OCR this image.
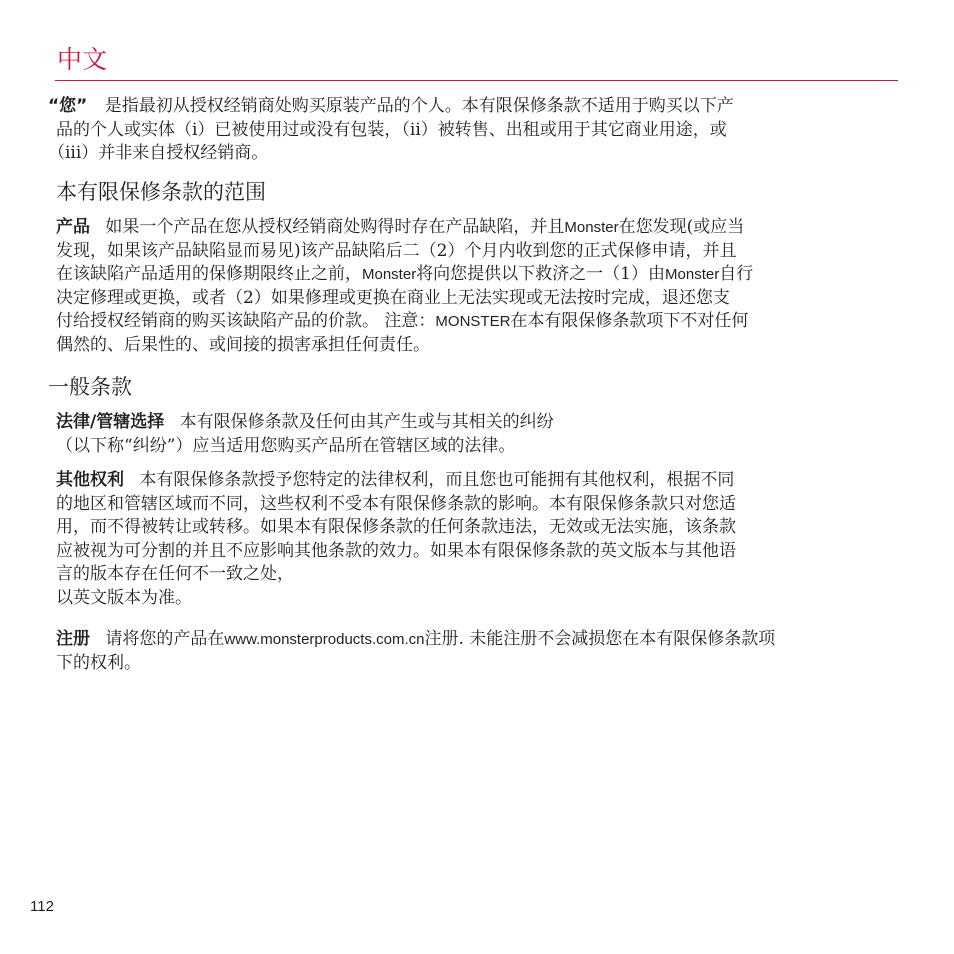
中文
“您” 是指最初从授权经销商处购买原装产品的个人。本有限保修条款不适用于购买以下产
品的个人或实体（i）已被使用过或没有包装，（ii）被转售、出租或用于其它商业用途，或
（iii）并非来自授权经销商。
本有限保修条款的范围
产品 如果一个产品在您从授权经销商处购得时存在产品缺陷，并且Monster在您发现(或应当
发现，如果该产品缺陷显而易见)该产品缺陷后二（2）个月内收到您的正式保修申请，并且
在该缺陷产品适用的保修期限终止之前，Monster将向您提供以下救济之一（1）由Monster自行
决定修理或更换，或者（2）如果修理或更换在商业上无法实现或无法按时完成，退还您支
付给授权经销商的购买该缺陷产品的价款。 注意：MONSTER在本有限保修条款项下不对任何
偶然的、后果性的、或间接的损害承担任何责任。
一般条款
法律/管辖选择 本有限保修条款及任何由其产生或与其相关的纠纷
（以下称“纠纷”）应当适用您购买产品所在管辖区域的法律。
其他权利 本有限保修条款授予您特定的法律权利，而且您也可能拥有其他权利，根据不同
的地区和管辖区域而不同，这些权利不受本有限保修条款的影响。本有限保修条款只对您适
用，而不得被转让或转移。如果本有限保修条款的任何条款违法，无效或无法实施，该条款
应被视为可分割的并且不应影响其他条款的效力。如果本有限保修条款的英文版本与其他语
言的版本存在任何不一致之处，
以英文版本为准。
注册 请将您的产品在www.monsterproducts.com.cn注册. 未能注册不会减损您在本有限保修条款项
下的权利。
112
